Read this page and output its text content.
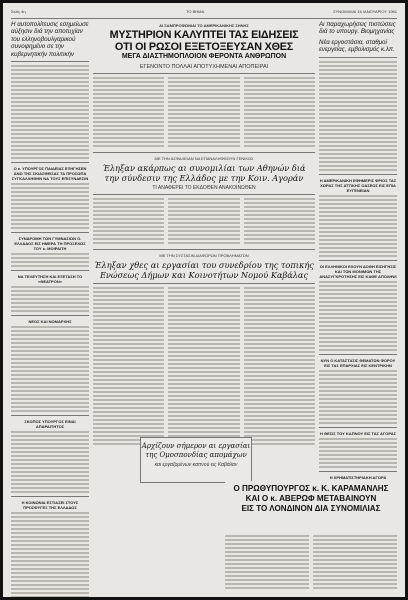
Σελίς 4η	ΤΟ ΒΗΜΑ	ΣΥΝΟΜΙΛΙΑΙ 16 ΙΑΝΟΥΑΡΙΟΥ 1961
Η αυτοπολίτευσις εσημείωσε αύξησιν διά την αποτυχίαν του ελληνοβουλγαρικού συνοψημένο σε την κυβερνητικήν πολιτικήν
Ο κ. ΥΠΟΥΡΓΟΣ ΠΑΙΔΕΙΑΣ ΕΞΗΓΗΣΕΝ ΑΝΩ ΤΗΣ ΣΚΙΑΣΘΕΙΣΑΣ ΤΑ ΠΡΟΣΩΠΑ ΣΥΓΚΑΛΛΗΘΗΝ ΝΑ ΤΟΥΣ ΕΠΙΣΥΝΔΕΣΙΝ
ΣΥΝΔΡΟΜΗ ΤΩΝ ΓΥΜΝΑΣΙΩΝ Ο. ΕΛΛΑΔΟΣ ΕΙΣ ΗΜΕΡΑ ΤΗ ΠΡΟΣΕΧΩΣ ΤΟΥ κ. ΜΟΙΡΑΙΤΗ
ΝΑ ΤΕΛΕΥΤΗΣΗ ΚΑΙ ΕΞΕΤΑΣΗ ΤΟ «ΘΕΑΤΡΟΝ»
ΝΕΟΣ ΚΑΙ ΝΟΜΑΡΧΗΣ
ΣΚΟΠΟΣ ΥΠΟΥΡΓΟΣ ΕΙΝΑΙ ΑΠΑΡΑΙΤΗΤΟΣ
Η ΚΟΙΝΩΝΙΑ ΕΣΤΙΑΣΕΙ ΣΤΟΥΣ ΠΡΟΣΦΥΓΕΣ ΤΗΣ ΕΛΛΑΔΟΣ
ΑΙ ΣΑΜΠΡΟΦΩΝΙΑΙ ΤΟ ΑΜΕΡΙΚΑΝΙΚΗΣ ΣΗΝΗΣ
ΜΥΣΤΗΡΙΟΝ ΚΑΛΥΠΤΕΙ ΤΑΣ ΕΙΔΗΣΕΙΣ
ΟΤΙ ΟΙ ΡΩΣΟΙ ΕΞΕΤΟΞΕΥΣΑΝ ΧΘΕΣ
ΜΕΓΑ ΔΙΑΣΤΗΜΟΠΛΟΙΟΝ ΦΕΡΟΝΤΑ ΑΝΘΡΩΠΟΝ
ΕΓΕΝΟΝΤΟ ΠΟΛΛΑΙ ΑΠΟΤΥΧΗΜΕΝΑΙ ΑΠΟΠΕΙΡΑΙ
ΜΕ ΤΗΝ ΑΣΦΑΛΕΙΑΝ ΝΑ ΕΠΑΝΑΛΗΦΘΟΥΝ ΓΕΝΙΚΩΣ
Έληξαν ακάρπως αι συνομιλίαι των Αθηνών διά
την σύνδεσιν της Ελλάδος με την Κοιν. Αγοράν
ΤΙ ΑΝΑΦΕΡΕΙ ΤΟ ΕΚΔΟΘΕΝ ΑΝΑΚΟΙΝΩΘΕΝ
ΜΕ ΤΗΝ ΣΥΣΤΑΣΙΝ ΔΙΑΦΟΡΩΝ ΠΡΟΒΛΗΜΑΤΩΝ
Έληξαν χθες αι εργασίαι του συνεδρίου της τοπικής
Ενώσεως Δήμων και Κοινοτήτων Νομού Καβάλας
Αρχίζουν σήμερον αι εργασίαι
της Ομοσπονδίας απομάχων
και εργαζομένων καπνού εις Καβάλαν
Ο ΠΡΩΘΥΠΟΥΡΓΟΣ κ. Κ. ΚΑΡΑΜΑΝΛΗΣ
ΚΑΙ Ο κ. ΑΒΕΡΩΦ ΜΕΤΑΒΑΙΝΟΥΝ
ΕΙΣ ΤΟ ΛΟΝΔΙΝΟΝ ΔΙΑ ΣΥΝΟΜΙΛΙΑΣ
Αι παραχωρήσεις πιστώσεις διά το υπουργ. Βιομηχανίας
Νέα εργοστάσια, σταθμοί ενεργείας, εμβολισμός κ.λπ.
Η ΑΜΕΡΙΚΑΝΙΚΗ ΕΦΗΜΕΡΙΣ ΦΡΙΟΣ ΤΑΣ ΧΩΡΑΣ ΤΗΣ ΑΤΤΙΚΗΣ ΟΑΣΕΩΣ ΕΙΣ ΕΠΙΑ ΕΥΓΕΝΕΙΑΝ
ΟΙ ΕΛΛΗΝΙΚΟΙ ΕΧΟΥΝ ΔΟΘΗ ΕΙΣΗΓΗΣΙΣ ΚΑΙ ΤΩΝ ΜΟΝΙΜΩΝ ΤΗΣ ΑΝΑΣΥΓΚΡΟΤΗΣΗΣ ΕΙΣ ΚΑΘΕ ΑΠΟΛΗΨΙ
ΝΥΝ Ο ΚΑΤΑΣΤΑΣΙΣ ΘΕΜΑΤΩΝ ΦΟΡΟΥ ΕΙΣ ΤΑΣ ΕΠΑΡΧΙΑΣ ΕΙΣ ΚΕΝΤΡΙΚΗΝ
Η ΘΕΣΙΣ ΤΟΥ ΚΑΠΝΟΥ ΕΙΣ ΤΑΣ ΑΓΟΡΑΣ
Η ΧΡΗΜΑΤΙΣΤΗΡΙΑΚΗ ΑΓΟΡΑ
